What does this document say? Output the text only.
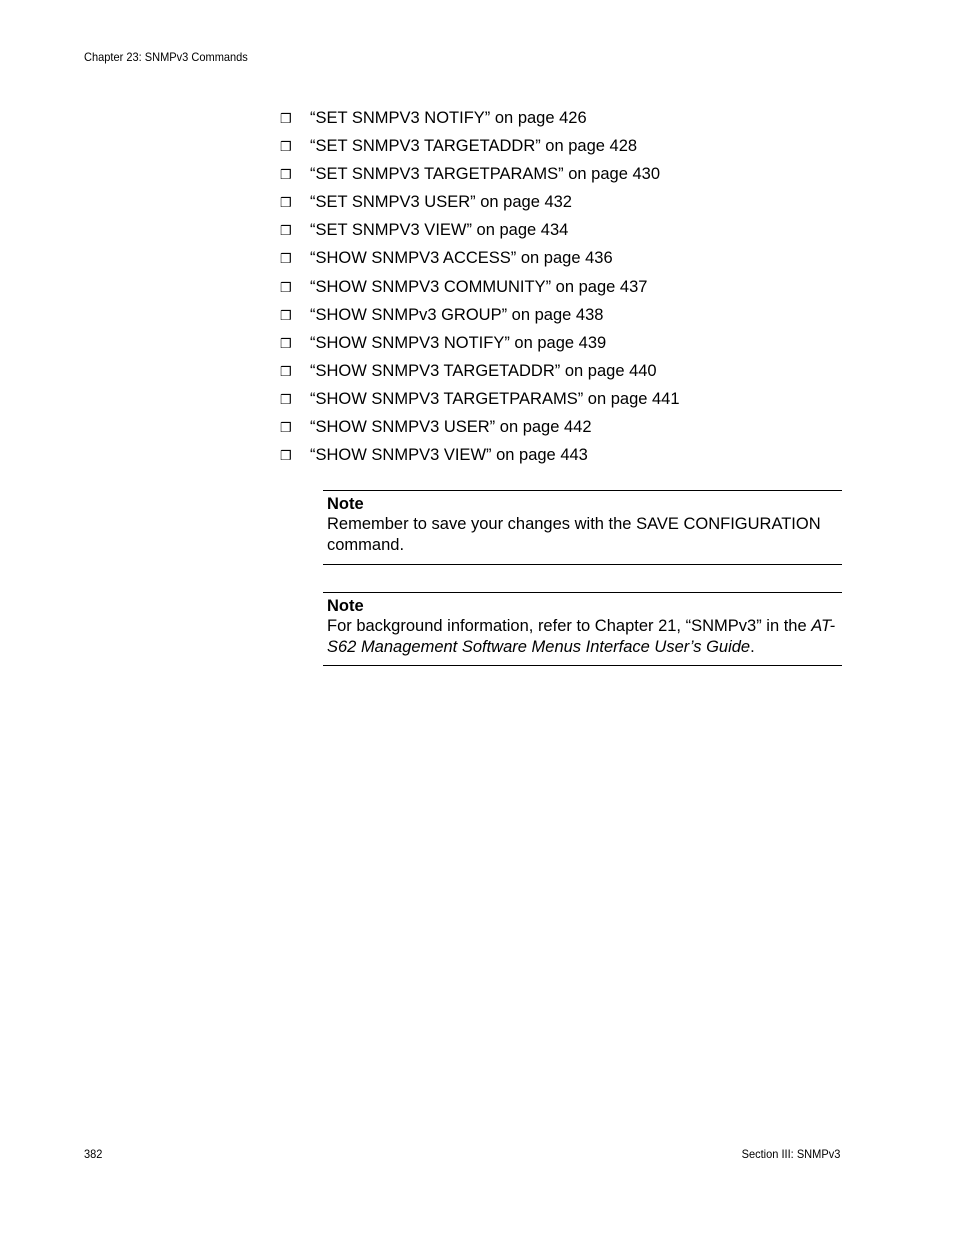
Chapter 23: SNMPv3 Commands
❒	“SET SNMPV3 NOTIFY” on page 426
❒	“SET SNMPV3 TARGETADDR” on page 428
❒	“SET SNMPV3 TARGETPARAMS” on page 430
❒	“SET SNMPV3 USER” on page 432
❒	“SET SNMPV3 VIEW” on page 434
❒	“SHOW SNMPV3 ACCESS” on page 436
❒	“SHOW SNMPV3 COMMUNITY” on page 437
❒	“SHOW SNMPv3 GROUP” on page 438
❒	“SHOW SNMPV3 NOTIFY” on page 439
❒	“SHOW SNMPV3 TARGETADDR” on page 440
❒	“SHOW SNMPV3 TARGETPARAMS” on page 441
❒	“SHOW SNMPV3 USER” on page 442
❒	“SHOW SNMPV3 VIEW” on page 443
Note
Remember to save your changes with the SAVE CONFIGURATION command.
Note
For background information, refer to Chapter 21, “SNMPv3” in the AT-S62 Management Software Menus Interface User’s Guide.
382	Section III: SNMPv3
